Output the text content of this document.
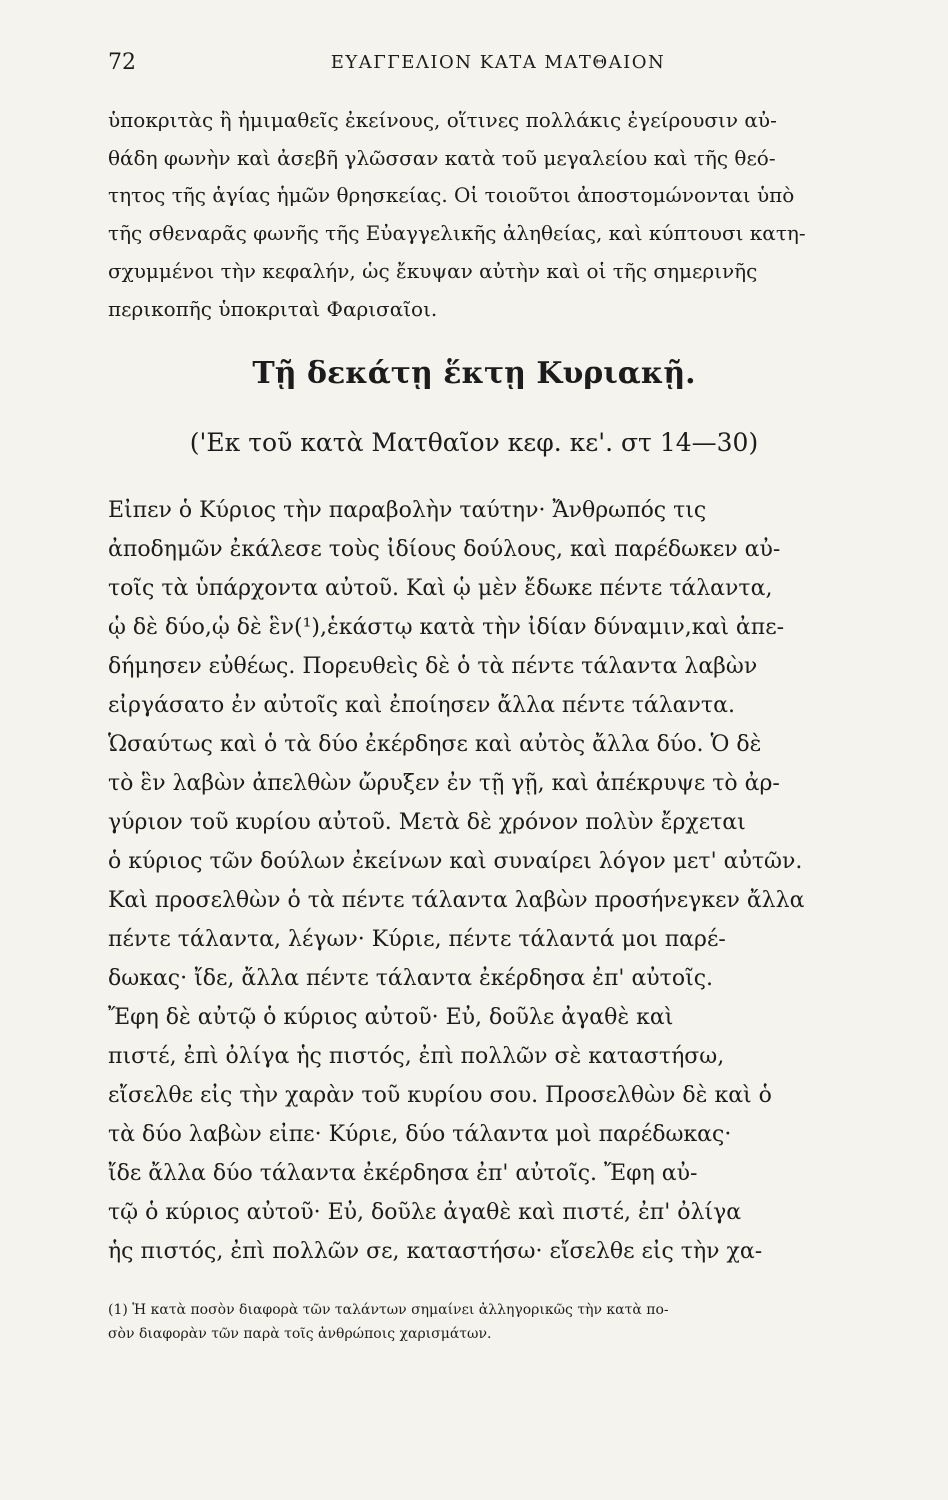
72	ΕΥΑΓΓΕΛΙΟΝ ΚΑΤΑ ΜΑΤΘΑΙΟΝ
ὑποκριτὰς ἢ ἡμιμαθεῖς ἐκείνους, οἵτινες πολλάκις ἐγείρουσιν αὐ-
θάδη φωνὴν καὶ ἀσεβῆ γλῶσσαν κατὰ τοῦ μεγαλείου καὶ τῆς θεό-
τητος τῆς ἁγίας ἡμῶν θρησκείας. Οἱ τοιοῦτοι ἀποστομώνονται ὑπὸ
τῆς σθεναρᾶς φωνῆς τῆς Εὐαγγελικῆς ἀληθείας, καὶ κύπτουσι κατη-
σχυμμένοι τὴν κεφαλήν, ὡς ἔκυψαν αὐτὴν καὶ οἱ τῆς σημερινῆς
περικοπῆς ὑποκριταὶ Φαρισαῖοι.
Τῇ δεκάτῃ ἕκτῃ Κυριακῇ.
('Εκ τοῦ κατὰ Ματθαῖον κεφ. κε'. στ 14—30)
Εἶπεν ὁ Κύριος τὴν παραβολὴν ταύτην· Ἄνθρωπός τις
ἀποδημῶν ἐκάλεσε τοὺς ἰδίους δούλους, καὶ παρέδωκεν αὐ-
τοῖς τὰ ὑπάρχοντα αὐτοῦ. Καὶ ᾧ μὲν ἔδωκε πέντε τάλαντα,
ᾧ δὲ δύο,ᾧ δὲ ἓν(¹),ἑκάστῳ κατὰ τὴν ἰδίαν δύναμιν,καὶ ἀπε-
δήμησεν εὐθέως. Πορευθεὶς δὲ ὁ τὰ πέντε τάλαντα λαβὼν
εἰργάσατο ἐν αὐτοῖς καὶ ἐποίησεν ἄλλα πέντε τάλαντα.
Ὡσαύτως καὶ ὁ τὰ δύο ἐκέρδησε καὶ αὐτὸς ἄλλα δύο. Ὁ δὲ
τὸ ἓν λαβὼν ἀπελθὼν ὤρυξεν ἐν τῇ γῇ, καὶ ἀπέκρυψε τὸ ἀρ-
γύριον τοῦ κυρίου αὐτοῦ. Μετὰ δὲ χρόνον πολὺν ἔρχεται
ὁ κύριος τῶν δούλων ἐκείνων καὶ συναίρει λόγον μετ' αὐτῶν.
Καὶ προσελθὼν ὁ τὰ πέντε τάλαντα λαβὼν προσήνεγκεν ἄλλα
πέντε τάλαντα, λέγων· Κύριε, πέντε τάλαντά μοι παρέ-
δωκας· ἴδε, ἄλλα πέντε τάλαντα ἐκέρδησα ἐπ' αὐτοῖς.
Ἔφη δὲ αὐτῷ ὁ κύριος αὐτοῦ· Εὖ, δοῦλε ἀγαθὲ καὶ
πιστέ, ἐπὶ ὀλίγα ἧς πιστός, ἐπὶ πολλῶν σὲ καταστήσω,
εἴσελθε εἰς τὴν χαρὰν τοῦ κυρίου σου. Προσελθὼν δὲ καὶ ὁ
τὰ δύο λαβὼν εἶπε· Κύριε, δύο τάλαντα μοὶ παρέδωκας·
ἴδε ἄλλα δύο τάλαντα ἐκέρδησα ἐπ' αὐτοῖς. Ἔφη αὐ-
τῷ ὁ κύριος αὐτοῦ· Εὖ, δοῦλε ἀγαθὲ καὶ πιστέ, ἐπ' ὀλίγα
ἧς πιστός, ἐπὶ πολλῶν σε, καταστήσω· εἴσελθε εἰς τὴν χα-
(1) Ἡ κατὰ ποσὸν διαφορὰ τῶν ταλάντων σημαίνει ἀλληγορικῶς τὴν κατὰ πο-
σὸν διαφορὰν τῶν παρὰ τοῖς ἀνθρώποις χαρισμάτων.
